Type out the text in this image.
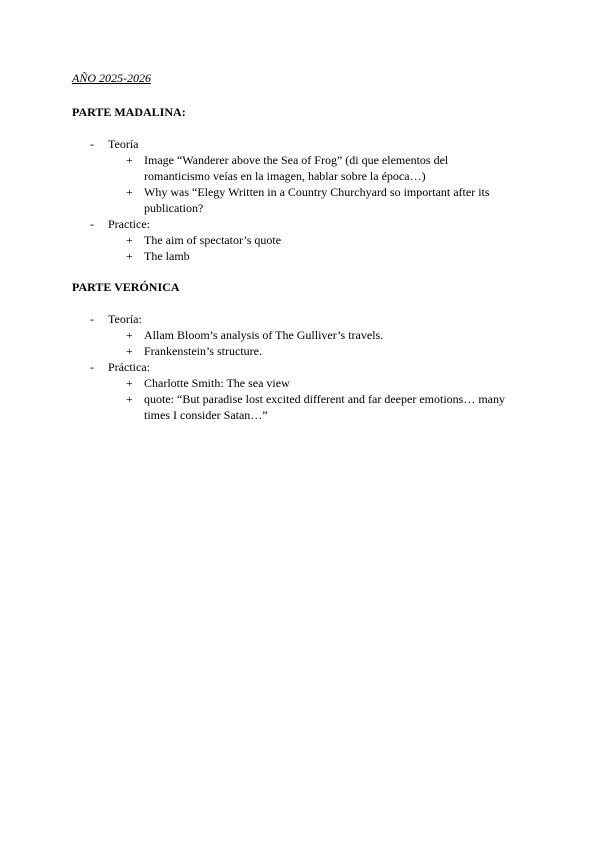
AÑO 2025-2026
PARTE MADALINA:
-	Teoría
+ Image “Wanderer above the Sea of Frog” (di que elementos del romanticismo veías en la imagen, hablar sobre la época…)
+ Why was “Elegy Written in a Country Churchyard so important after its publication?
-	Practice:
+ The aim of spectator’s quote
+ The lamb
PARTE VERÓNICA
-	Teoría:
+ Allam Bloom’s analysis of The Gulliver’s travels.
+ Frankenstein’s structure.
-	Práctica:
+ Charlotte Smith: The sea view
+ quote: “But paradise lost excited different and far deeper emotions… many times I consider Satan…”
